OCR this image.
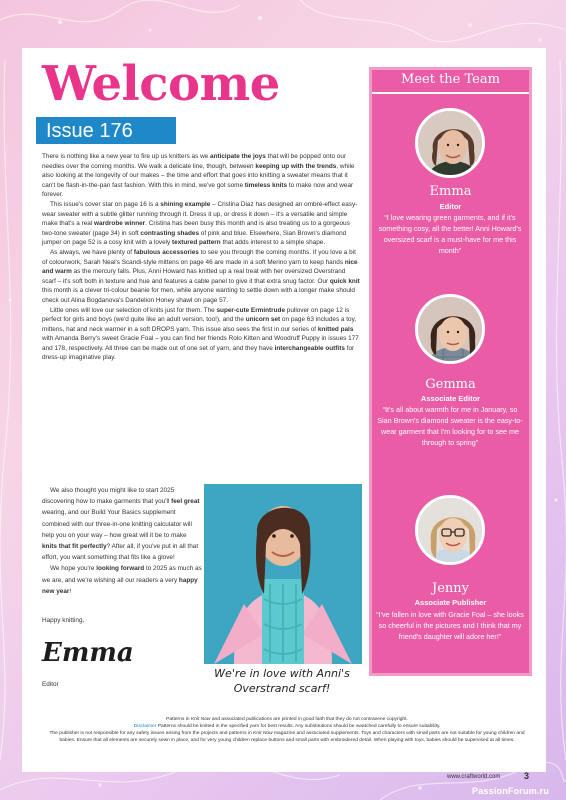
Welcome
Issue 176

There is nothing like a new year to fire up us knitters as we anticipate the joys that will be popped onto our needles over the coming months. We walk a delicate line, though, between keeping up with the trends, while also looking at the longevity of our makes – the time and effort that goes into knitting a sweater means that it can't be flash-in-the-pan fast fashion. With this in mind, we've got some timeless knits to make now and wear forever.

This issue's cover star on page 16 is a shining example – Cristina Diaz has designed an ombré-effect easy-wear sweater with a subtle glitter running through it. Dress it up, or dress it down – it's a versatile and simple make that's a real wardrobe winner. Cristina has been busy this month and is also treating us to a gorgeous two-tone sweater (page 34) in soft contrasting shades of pink and blue. Elsewhere, Sian Brown's diamond jumper on page 52 is a cosy knit with a lovely textured pattern that adds interest to a simple shape.

As always, we have plenty of fabulous accessories to see you through the coming months. If you love a bit of colourwork, Sarah Neal's Scandi-style mittens on page 46 are made in a soft Merino yarn to keep hands nice and warm as the mercury falls. Plus, Anni Howard has knitted up a real treat with her oversized Overstrand scarf – it's soft both in texture and hue and features a cable panel to give it that extra snug factor. Our quick knit this month is a clever tri-colour beanie for men, while anyone wanting to settle down with a longer make should check out Alina Bogdanova's Dandelion Honey shawl on page 57.

Little ones will love our selection of knits just for them. The super-cute Ermintrude pullover on page 12 is perfect for girls and boys (we'd quite like an adult version, too!), and the unicorn set on page 63 includes a toy, mittens, hat and neck warmer in a soft DROPS yarn. This issue also sees the first in our series of knitted pals with Amanda Berry's sweet Gracie Foal – you can find her friends Rolo Kitten and Woodruff Puppy in issues 177 and 178, respectively. All three can be made out of one set of yarn, and they have interchangeable outfits for dress-up imaginative play.

We also thought you might like to start 2025 discovering how to make garments that you'll feel great wearing, and our Build Your Basics supplement combined with our three-in-one knitting calculator will help you on your way – how great will it be to make knits that fit perfectly? After all, if you've put in all that effort, you want something that fits like a glove!

We hope you're looking forward to 2025 as much as we are, and we're wishing all our readers a very happy new year!

Happy knitting,
Emma
Editor
We're in love with Anni's Overstrand scarf!
Meet the Team
Emma
Editor
“I love wearing green garments, and if it's something cosy, all the better! Anni Howard's oversized scarf is a must-have for me this month”
Gemma
Associate Editor
“It's all about warmth for me in January, so Sian Brown's diamond sweater is the easy-to-wear garment that I'm looking for to see me through to spring”
Jenny
Associate Publisher
“I've fallen in love with Gracie Foal – she looks so cheerful in the pictures and I think that my friend's daughter will adore her!”
Patterns in Knit Now and associated publications are printed in good faith that they do not contravene copyright.
Disclaimer Patterns should be knitted in the specified yarn for best results. Any substitutions should be swatched carefully to ensure suitability.
The publisher is not responsible for any safety issues arising from the projects and patterns in Knit Now magazine and associated supplements. Toys and characters with small parts are not suitable for young children and babies. Ensure that all elements are securely sewn in place, and for very young children replace buttons and small parts with embroidered detail. When playing with toys, babies should be supervised at all times.
www.craftworld.com	3
PassionForum.ru
